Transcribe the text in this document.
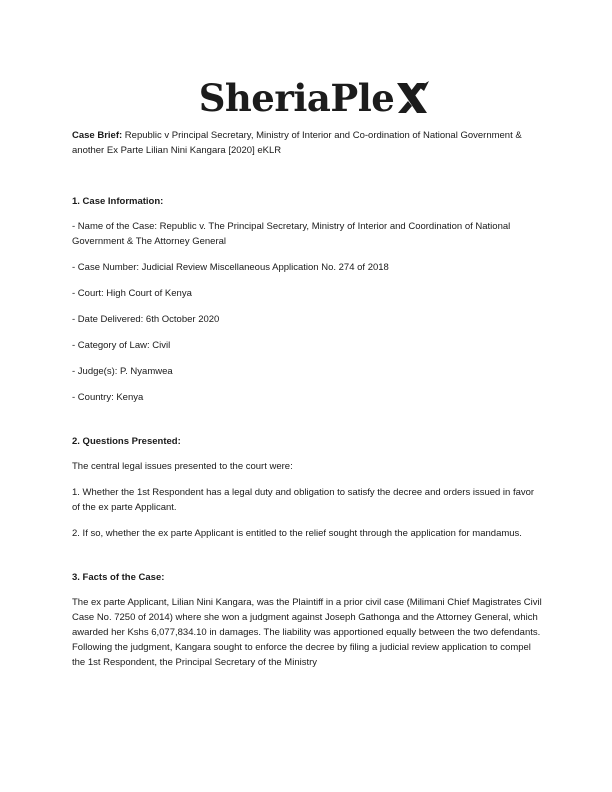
SheriaPle

Case Brief: Republic v Principal Secretary, Ministry of Interior and Co-ordination of National Government & another Ex Parte Lilian Nini Kangara [2020] eKLR

1. Case Information:

- Name of the Case: Republic v. The Principal Secretary, Ministry of Interior and Coordination of National Government & The Attorney General

- Case Number: Judicial Review Miscellaneous Application No. 274 of 2018

- Court: High Court of Kenya

- Date Delivered: 6th October 2020

- Category of Law: Civil

- Judge(s): P. Nyamwea

- Country: Kenya

2. Questions Presented:

The central legal issues presented to the court were:

1. Whether the 1st Respondent has a legal duty and obligation to satisfy the decree and orders issued in favor of the ex parte Applicant.

2. If so, whether the ex parte Applicant is entitled to the relief sought through the application for mandamus.

3. Facts of the Case:

The ex parte Applicant, Lilian Nini Kangara, was the Plaintiff in a prior civil case (Milimani Chief Magistrates Civil Case No. 7250 of 2014) where she won a judgment against Joseph Gathonga and the Attorney General, which awarded her Kshs 6,077,834.10 in damages. The liability was apportioned equally between the two defendants. Following the judgment, Kangara sought to enforce the decree by filing a judicial review application to compel the 1st Respondent, the Principal Secretary of the Ministry
